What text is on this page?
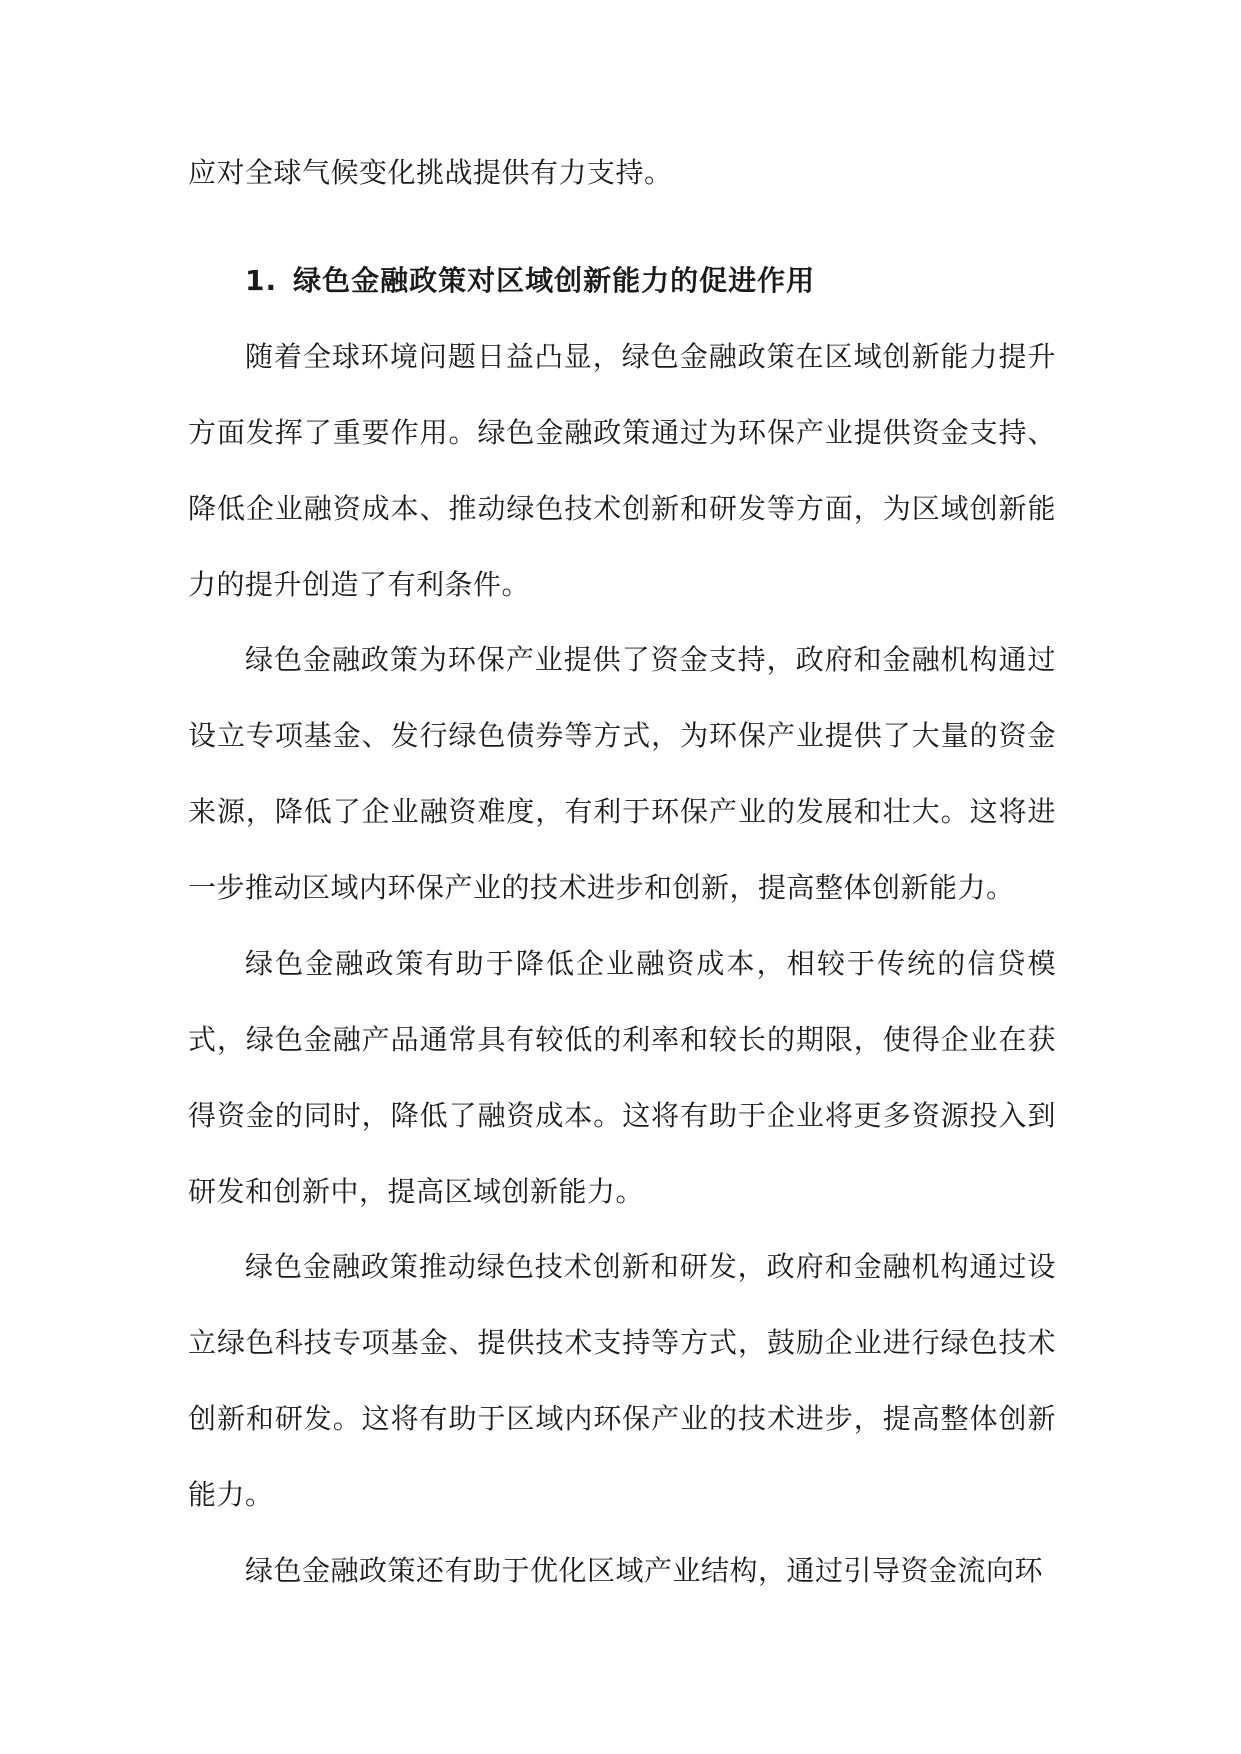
应对全球气候变化挑战提供有力支持。

1. 绿色金融政策对区域创新能力的促进作用

随着全球环境问题日益凸显，绿色金融政策在区域创新能力提升方面发挥了重要作用。绿色金融政策通过为环保产业提供资金支持、降低企业融资成本、推动绿色技术创新和研发等方面，为区域创新能力的提升创造了有利条件。

绿色金融政策为环保产业提供了资金支持，政府和金融机构通过设立专项基金、发行绿色债券等方式，为环保产业提供了大量的资金来源，降低了企业融资难度，有利于环保产业的发展和壮大。这将进一步推动区域内环保产业的技术进步和创新，提高整体创新能力。

绿色金融政策有助于降低企业融资成本，相较于传统的信贷模式，绿色金融产品通常具有较低的利率和较长的期限，使得企业在获得资金的同时，降低了融资成本。这将有助于企业将更多资源投入到研发和创新中，提高区域创新能力。

绿色金融政策推动绿色技术创新和研发，政府和金融机构通过设立绿色科技专项基金、提供技术支持等方式，鼓励企业进行绿色技术创新和研发。这将有助于区域内环保产业的技术进步，提高整体创新能力。

绿色金融政策还有助于优化区域产业结构，通过引导资金流向环
